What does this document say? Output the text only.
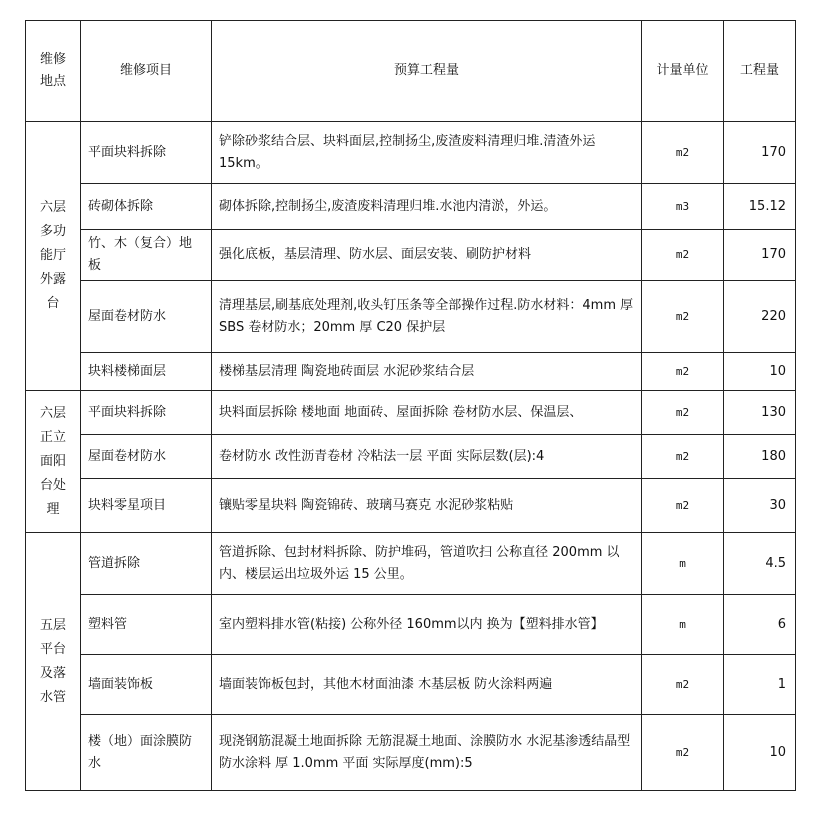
维修
地点	维修项目	预算工程量	计量单位	工程量
六层
多功
能厅
外露
台	平面块料拆除	铲除砂浆结合层、块料面层,控制扬尘,废渣废料清理归堆.清渣外运 15km。	m2	170
	砖砌体拆除	砌体拆除,控制扬尘,废渣废料清理归堆.水池内清淤，外运。	m3	15.12
	竹、木（复合）地板	强化底板，基层清理、防水层、面层安装、刷防护材料	m2	170
	屋面卷材防水	清理基层,刷基底处理剂,收头钉压条等全部操作过程.防水材料：4mm 厚 SBS 卷材防水；20mm 厚 C20 保护层	m2	220
	块料楼梯面层	楼梯基层清理 陶瓷地砖面层 水泥砂浆结合层	m2	10
六层
正立
面阳
台处
理	平面块料拆除	块料面层拆除 楼地面 地面砖、屋面拆除 卷材防水层、保温层、	m2	130
	屋面卷材防水	卷材防水 改性沥青卷材 冷粘法一层 平面 实际层数(层):4	m2	180
	块料零星项目	镶贴零星块料 陶瓷锦砖、玻璃马赛克 水泥砂浆粘贴	m2	30
五层
平台
及落
水管	管道拆除	管道拆除、包封材料拆除、防护堆码，管道吹扫 公称直径 200mm 以内、楼层运出垃圾外运 15 公里。	m	4.5
	塑料管	室内塑料排水管(粘接) 公称外径 160mm以内 换为【塑料排水管】	m	6
	墙面装饰板	墙面装饰板包封，其他木材面油漆 木基层板 防火涂料两遍	m2	1
	楼（地）面涂膜防水	现浇钢筋混凝土地面拆除 无筋混凝土地面、涂膜防水 水泥基渗透结晶型防水涂料 厚 1.0mm 平面 实际厚度(mm):5	m2	10
